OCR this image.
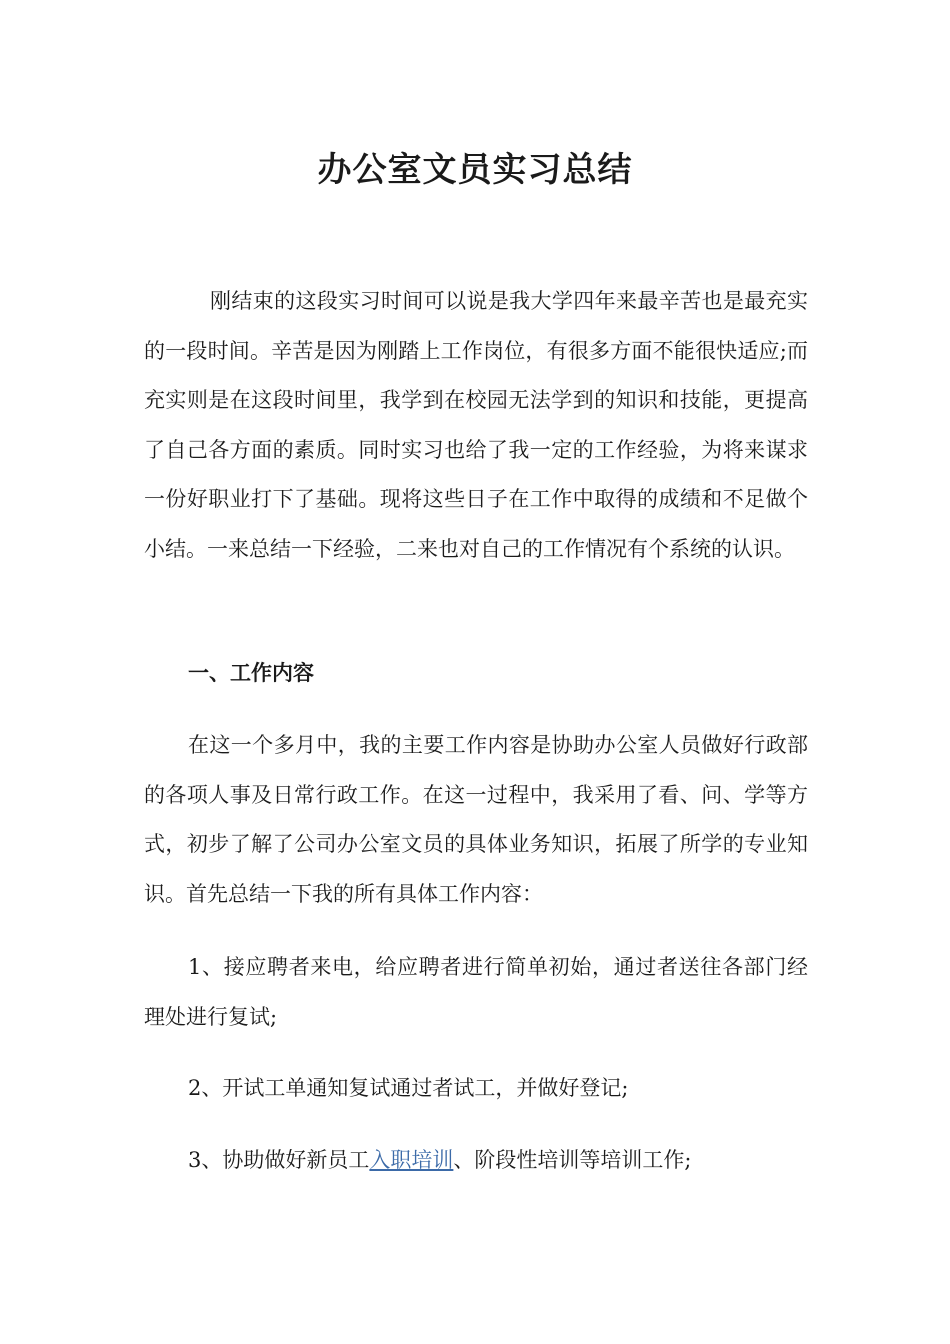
办公室文员实习总结

刚结束的这段实习时间可以说是我大学四年来最辛苦也是最充实的一段时间。辛苦是因为刚踏上工作岗位，有很多方面不能很快适应;而充实则是在这段时间里，我学到在校园无法学到的知识和技能，更提高了自己各方面的素质。同时实习也给了我一定的工作经验，为将来谋求一份好职业打下了基础。现将这些日子在工作中取得的成绩和不足做个小结。一来总结一下经验，二来也对自己的工作情况有个系统的认识。

一、工作内容

在这一个多月中，我的主要工作内容是协助办公室人员做好行政部的各项人事及日常行政工作。在这一过程中，我采用了看、问、学等方式，初步了解了公司办公室文员的具体业务知识，拓展了所学的专业知识。首先总结一下我的所有具体工作内容：

1、接应聘者来电，给应聘者进行简单初始，通过者送往各部门经理处进行复试;

2、开试工单通知复试通过者试工，并做好登记;

3、协助做好新员工入职培训、阶段性培训等培训工作;
